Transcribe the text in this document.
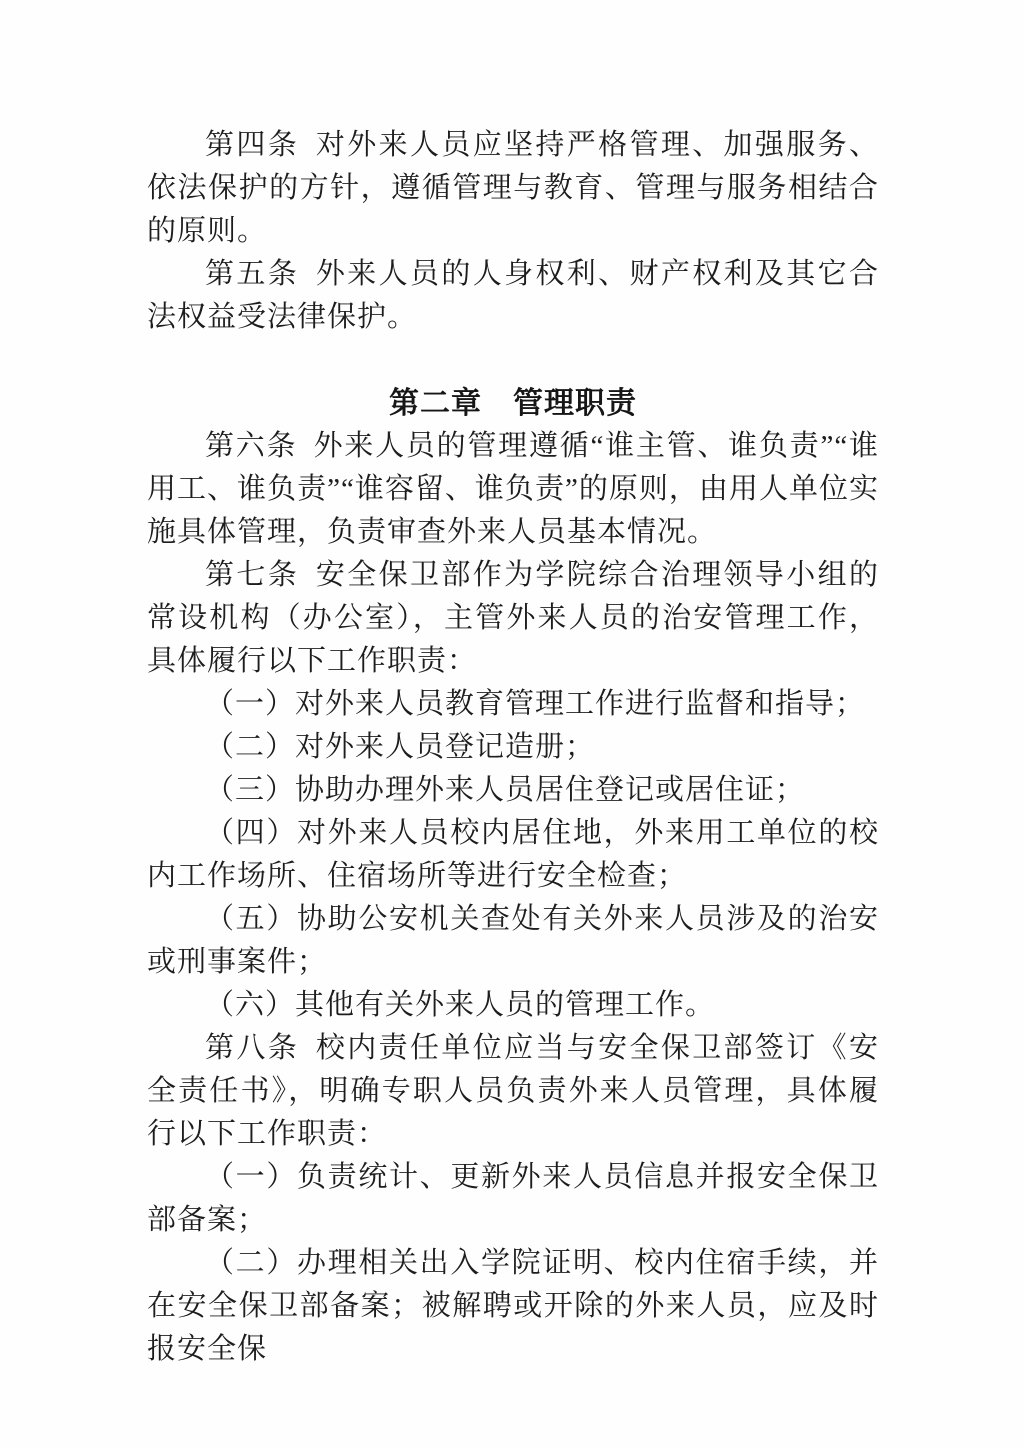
第四条 对外来人员应坚持严格管理、加强服务、依法保护的方针，遵循管理与教育、管理与服务相结合的原则。

第五条 外来人员的人身权利、财产权利及其它合法权益受法律保护。

第二章　管理职责

第六条 外来人员的管理遵循“谁主管、谁负责”“谁用工、谁负责”“谁容留、谁负责”的原则，由用人单位实施具体管理，负责审查外来人员基本情况。

第七条 安全保卫部作为学院综合治理领导小组的常设机构（办公室），主管外来人员的治安管理工作，具体履行以下工作职责：

（一）对外来人员教育管理工作进行监督和指导；

（二）对外来人员登记造册；

（三）协助办理外来人员居住登记或居住证；

（四）对外来人员校内居住地，外来用工单位的校内工作场所、住宿场所等进行安全检查；

（五）协助公安机关查处有关外来人员涉及的治安或刑事案件；

（六）其他有关外来人员的管理工作。

第八条 校内责任单位应当与安全保卫部签订《安全责任书》，明确专职人员负责外来人员管理，具体履行以下工作职责：

（一）负责统计、更新外来人员信息并报安全保卫部备案；

（二）办理相关出入学院证明、校内住宿手续，并在安全保卫部备案；被解聘或开除的外来人员，应及时报安全保
